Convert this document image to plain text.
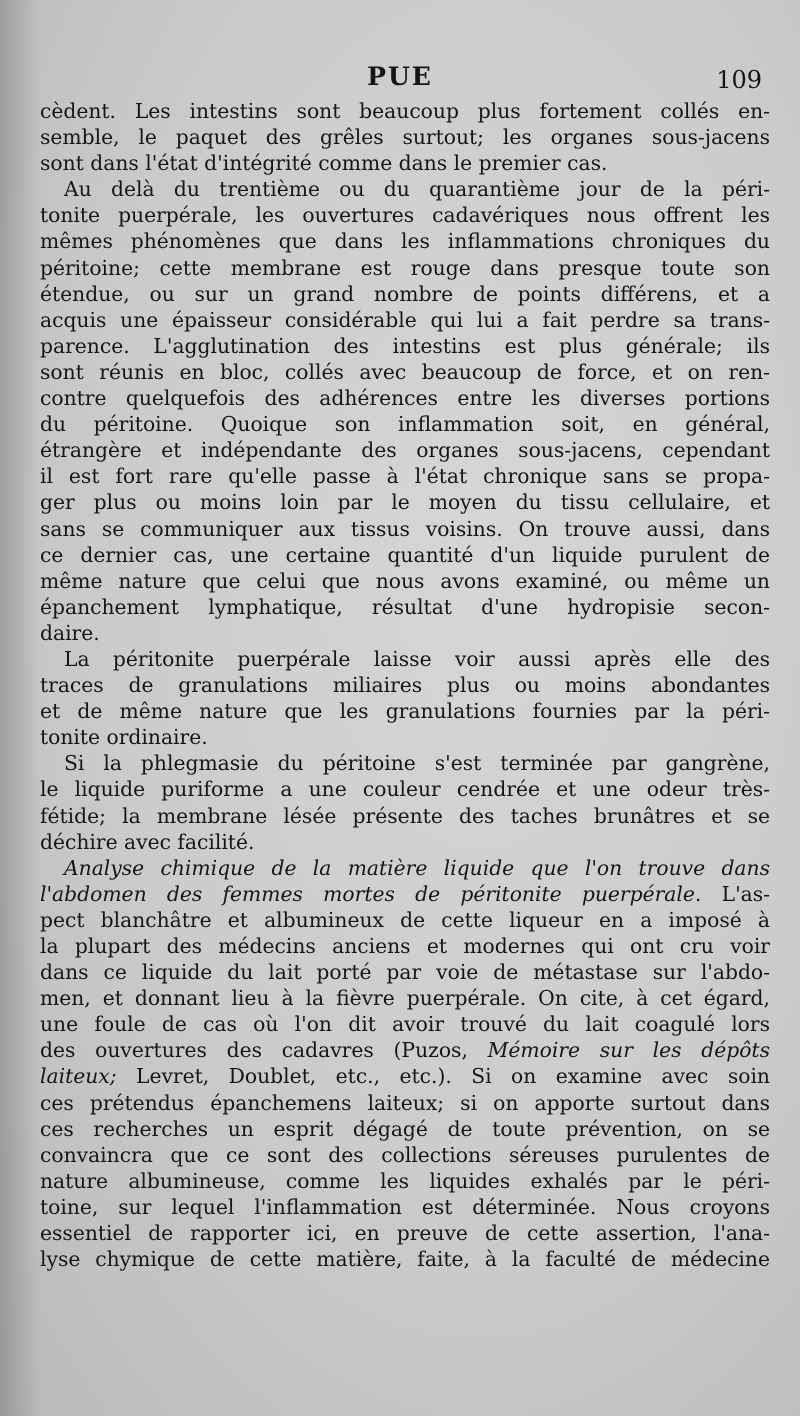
PUE	109
cèdent. Les intestins sont beaucoup plus fortement collés en-
semble, le paquet des grêles surtout; les organes sous-jacens
sont dans l'état d'intégrité comme dans le premier cas.
Au delà du trentième ou du quarantième jour de la péri-
tonite puerpérale, les ouvertures cadavériques nous offrent les
mêmes phénomènes que dans les inflammations chroniques du
péritoine; cette membrane est rouge dans presque toute son
étendue, ou sur un grand nombre de points différens, et a
acquis une épaisseur considérable qui lui a fait perdre sa trans-
parence. L'agglutination des intestins est plus générale; ils
sont réunis en bloc, collés avec beaucoup de force, et on ren-
contre quelquefois des adhérences entre les diverses portions
du péritoine. Quoique son inflammation soit, en général,
étrangère et indépendante des organes sous-jacens, cependant
il est fort rare qu'elle passe à l'état chronique sans se propa-
ger plus ou moins loin par le moyen du tissu cellulaire, et
sans se communiquer aux tissus voisins. On trouve aussi, dans
ce dernier cas, une certaine quantité d'un liquide purulent de
même nature que celui que nous avons examiné, ou même un
épanchement lymphatique, résultat d'une hydropisie secon-
daire.
La péritonite puerpérale laisse voir aussi après elle des
traces de granulations miliaires plus ou moins abondantes
et de même nature que les granulations fournies par la péri-
tonite ordinaire.
Si la phlegmasie du péritoine s'est terminée par gangrène,
le liquide puriforme a une couleur cendrée et une odeur très-
fétide; la membrane lésée présente des taches brunâtres et se
déchire avec facilité.
Analyse chimique de la matière liquide que l'on trouve dans
l'abdomen des femmes mortes de péritonite puerpérale. L'as-
pect blanchâtre et albumineux de cette liqueur en a imposé à
la plupart des médecins anciens et modernes qui ont cru voir
dans ce liquide du lait porté par voie de métastase sur l'abdo-
men, et donnant lieu à la fièvre puerpérale. On cite, à cet égard,
une foule de cas où l'on dit avoir trouvé du lait coagulé lors
des ouvertures des cadavres (Puzos, Mémoire sur les dépôts
laiteux; Levret, Doublet, etc., etc.). Si on examine avec soin
ces prétendus épanchemens laiteux; si on apporte surtout dans
ces recherches un esprit dégagé de toute prévention, on se
convaincra que ce sont des collections séreuses purulentes de
nature albumineuse, comme les liquides exhalés par le péri-
toine, sur lequel l'inflammation est déterminée. Nous croyons
essentiel de rapporter ici, en preuve de cette assertion, l'ana-
lyse chymique de cette matière, faite, à la faculté de médecine
